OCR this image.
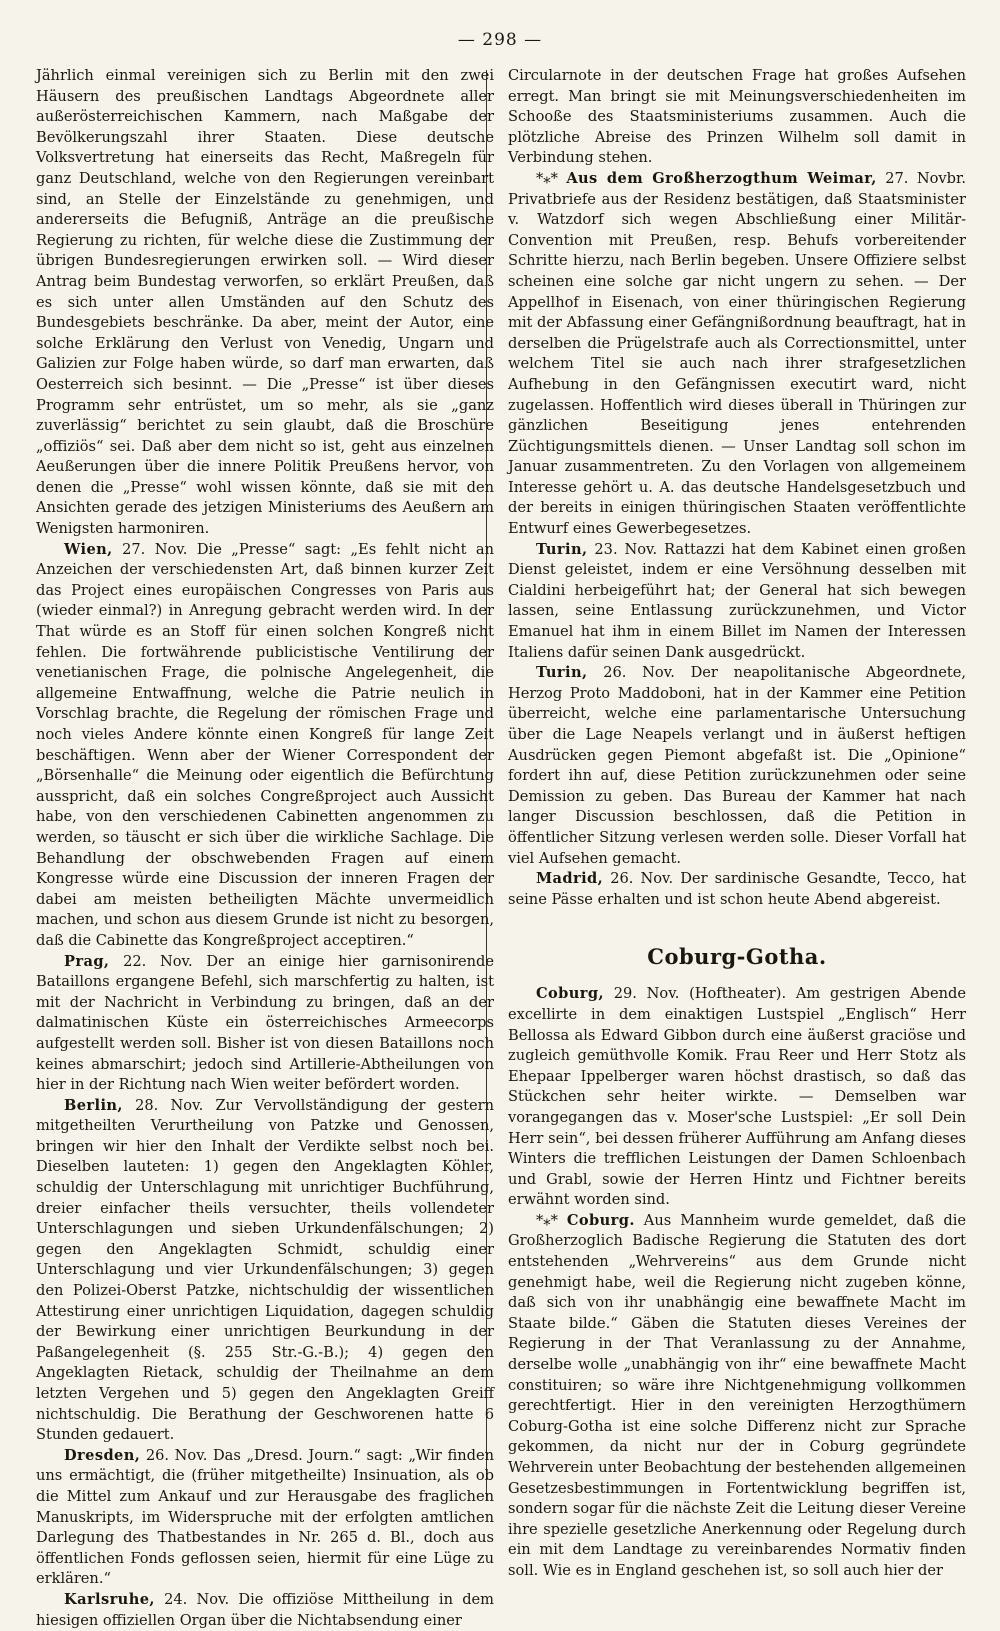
— 298 —

Jährlich einmal vereinigen sich zu Berlin mit den zwei Häusern des preußischen Landtags Abgeordnete aller außerösterreichischen Kammern, nach Maßgabe der Bevölkerungszahl ihrer Staaten. Diese deutsche Volksvertretung hat einerseits das Recht, Maßregeln für ganz Deutschland, welche von den Regierungen vereinbart sind, an Stelle der Einzelstände zu genehmigen, und andererseits die Befugniß, Anträge an die preußische Regierung zu richten, für welche diese die Zustimmung der übrigen Bundesregierungen erwirken soll. — Wird dieser Antrag beim Bundestag verworfen, so erklärt Preußen, daß es sich unter allen Umständen auf den Schutz des Bundesgebiets beschränke. Da aber, meint der Autor, eine solche Erklärung den Verlust von Venedig, Ungarn und Galizien zur Folge haben würde, so darf man erwarten, daß Oesterreich sich besinnt. — Die „Presse“ ist über dieses Programm sehr entrüstet, um so mehr, als sie „ganz zuverlässig“ berichtet zu sein glaubt, daß die Broschüre „offiziös“ sei. Daß aber dem nicht so ist, geht aus einzelnen Aeußerungen über die innere Politik Preußens hervor, von denen die „Presse“ wohl wissen könnte, daß sie mit den Ansichten gerade des jetzigen Ministeriums des Aeußern am Wenigsten harmoniren.

Wien, 27. Nov. Die „Presse“ sagt: „Es fehlt nicht an Anzeichen der verschiedensten Art, daß binnen kurzer Zeit das Project eines europäischen Congresses von Paris aus (wieder einmal?) in Anregung gebracht werden wird. In der That würde es an Stoff für einen solchen Kongreß nicht fehlen. Die fortwährende publicistische Ventilirung der venetianischen Frage, die polnische Angelegenheit, die allgemeine Entwaffnung, welche die Patrie neulich in Vorschlag brachte, die Regelung der römischen Frage und noch vieles Andere könnte einen Kongreß für lange Zeit beschäftigen. Wenn aber der Wiener Correspondent der „Börsenhalle“ die Meinung oder eigentlich die Befürchtung ausspricht, daß ein solches Congreßproject auch Aussicht habe, von den verschiedenen Cabinetten angenommen zu werden, so täuscht er sich über die wirkliche Sachlage. Die Behandlung der obschwebenden Fragen auf einem Kongresse würde eine Discussion der inneren Fragen der dabei am meisten betheiligten Mächte unvermeidlich machen, und schon aus diesem Grunde ist nicht zu besorgen, daß die Cabinette das Kongreßproject acceptiren.“

Prag, 22. Nov. Der an einige hier garnisonirende Bataillons ergangene Befehl, sich marschfertig zu halten, ist mit der Nachricht in Verbindung zu bringen, daß an der dalmatinischen Küste ein österreichisches Armeecorps aufgestellt werden soll. Bisher ist von diesen Bataillons noch keines abmarschirt; jedoch sind Artillerie-Abtheilungen von hier in der Richtung nach Wien weiter befördert worden.

Berlin, 28. Nov. Zur Vervollständigung der gestern mitgetheilten Verurtheilung von Patzke und Genossen, bringen wir hier den Inhalt der Verdikte selbst noch bei. Dieselben lauteten: 1) gegen den Angeklagten Köhler, schuldig der Unterschlagung mit unrichtiger Buchführung, dreier einfacher theils versuchter, theils vollendeter Unterschlagungen und sieben Urkundenfälschungen; 2) gegen den Angeklagten Schmidt, schuldig einer Unterschlagung und vier Urkundenfälschungen; 3) gegen den Polizei-Oberst Patzke, nichtschuldig der wissentlichen Attestirung einer unrichtigen Liquidation, dagegen schuldig der Bewirkung einer unrichtigen Beurkundung in der Paßangelegenheit (§. 255 Str.-G.-B.); 4) gegen den Angeklagten Rietack, schuldig der Theilnahme an dem letzten Vergehen und 5) gegen den Angeklagten Greiff nichtschuldig. Die Berathung der Geschworenen hatte 6 Stunden gedauert.

Dresden, 26. Nov. Das „Dresd. Journ.“ sagt: „Wir finden uns ermächtigt, die (früher mitgetheilte) Insinuation, als ob die Mittel zum Ankauf und zur Herausgabe des fraglichen Manuskripts, im Widerspruche mit der erfolgten amtlichen Darlegung des Thatbestandes in Nr. 265 d. Bl., doch aus öffentlichen Fonds geflossen seien, hiermit für eine Lüge zu erklären.“

Karlsruhe, 24. Nov. Die offiziöse Mittheilung in dem hiesigen offiziellen Organ über die Nichtabsendung einer

Circularnote in der deutschen Frage hat großes Aufsehen erregt. Man bringt sie mit Meinungsverschiedenheiten im Schooße des Staatsministeriums zusammen. Auch die plötzliche Abreise des Prinzen Wilhelm soll damit in Verbindung stehen.

*⁎* Aus dem Großherzogthum Weimar, 27. Novbr. Privatbriefe aus der Residenz bestätigen, daß Staatsminister v. Watzdorf sich wegen Abschließung einer Militär-Convention mit Preußen, resp. Behufs vorbereitender Schritte hierzu, nach Berlin begeben. Unsere Offiziere selbst scheinen eine solche gar nicht ungern zu sehen. — Der Appellhof in Eisenach, von einer thüringischen Regierung mit der Abfassung einer Gefängnißordnung beauftragt, hat in derselben die Prügelstrafe auch als Correctionsmittel, unter welchem Titel sie auch nach ihrer strafgesetzlichen Aufhebung in den Gefängnissen executirt ward, nicht zugelassen. Hoffentlich wird dieses überall in Thüringen zur gänzlichen Beseitigung jenes entehrenden Züchtigungsmittels dienen. — Unser Landtag soll schon im Januar zusammentreten. Zu den Vorlagen von allgemeinem Interesse gehört u. A. das deutsche Handelsgesetzbuch und der bereits in einigen thüringischen Staaten veröffentlichte Entwurf eines Gewerbegesetzes.

Turin, 23. Nov. Rattazzi hat dem Kabinet einen großen Dienst geleistet, indem er eine Versöhnung desselben mit Cialdini herbeigeführt hat; der General hat sich bewegen lassen, seine Entlassung zurückzunehmen, und Victor Emanuel hat ihm in einem Billet im Namen der Interessen Italiens dafür seinen Dank ausgedrückt.

Turin, 26. Nov. Der neapolitanische Abgeordnete, Herzog Proto Maddoboni, hat in der Kammer eine Petition überreicht, welche eine parlamentarische Untersuchung über die Lage Neapels verlangt und in äußerst heftigen Ausdrücken gegen Piemont abgefaßt ist. Die „Opinione“ fordert ihn auf, diese Petition zurückzunehmen oder seine Demission zu geben. Das Bureau der Kammer hat nach langer Discussion beschlossen, daß die Petition in öffentlicher Sitzung verlesen werden solle. Dieser Vorfall hat viel Aufsehen gemacht.

Madrid, 26. Nov. Der sardinische Gesandte, Tecco, hat seine Pässe erhalten und ist schon heute Abend abgereist.

Coburg-Gotha.

Coburg, 29. Nov. (Hoftheater). Am gestrigen Abende excellirte in dem einaktigen Lustspiel „Englisch“ Herr Bellossa als Edward Gibbon durch eine äußerst graciöse und zugleich gemüthvolle Komik. Frau Reer und Herr Stotz als Ehepaar Ippelberger waren höchst drastisch, so daß das Stückchen sehr heiter wirkte. — Demselben war vorangegangen das v. Moser'sche Lustspiel: „Er soll Dein Herr sein“, bei dessen früherer Aufführung am Anfang dieses Winters die trefflichen Leistungen der Damen Schloenbach und Grabl, sowie der Herren Hintz und Fichtner bereits erwähnt worden sind.

*⁎* Coburg. Aus Mannheim wurde gemeldet, daß die Großherzoglich Badische Regierung die Statuten des dort entstehenden „Wehrvereins“ aus dem Grunde nicht genehmigt habe, weil die Regierung nicht zugeben könne, daß sich von ihr unabhängig eine bewaffnete Macht im Staate bilde.“ Gäben die Statuten dieses Vereines der Regierung in der That Veranlassung zu der Annahme, derselbe wolle „unabhängig von ihr“ eine bewaffnete Macht constituiren; so wäre ihre Nichtgenehmigung vollkommen gerechtfertigt. Hier in den vereinigten Herzogthümern Coburg-Gotha ist eine solche Differenz nicht zur Sprache gekommen, da nicht nur der in Coburg gegründete Wehrverein unter Beobachtung der bestehenden allgemeinen Gesetzesbestimmungen in Fortentwicklung begriffen ist, sondern sogar für die nächste Zeit die Leitung dieser Vereine ihre spezielle gesetzliche Anerkennung oder Regelung durch ein mit dem Landtage zu vereinbarendes Normativ finden soll. Wie es in England geschehen ist, so soll auch hier der
